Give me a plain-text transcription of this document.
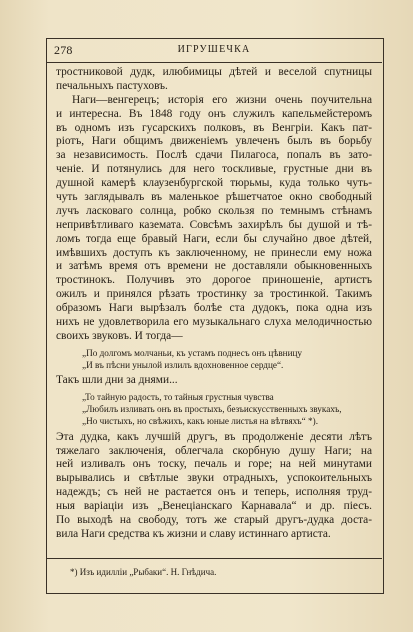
278	ИГРУШЕЧКА
тростниковой дудк, илюбимицы дѣтей и веселой спутницы
печальныхъ пастуховъ.
Наги—венгерецъ; исторія его жизни очень поучительна
и интересна. Въ 1848 году онъ служилъ капельмейстеромъ
въ одномъ изъ гусарскихъ полковъ, въ Венгріи. Какъ пат-
ріотъ, Наги общимъ движеніемъ увлеченъ былъ въ борьбу
за независимость. Послѣ сдачи Пилагоса, попалъ въ зато-
ченіе. И потянулись для него тоскливые, грустные дни въ
душной камерѣ клаузенбургской тюрьмы, куда только чуть-
чуть заглядывалъ въ маленькое рѣшетчатое окно свободный
лучъ ласковаго солнца, робко скользя по темнымъ стѣнамъ
непривѣтливаго каземата. Совсѣмъ захирѣлъ бы душой и тѣ-
ломъ тогда еще бравый Наги, если бы случайно двое дѣтей,
имѣвшихъ доступъ къ заключенному, не принесли ему ножа
и затѣмъ время отъ времени не доставляли обыкновенныхъ
тростинокъ. Получивъ это дорогое приношеніе, артистъ
ожилъ и принялся рѣзать тростинку за тростинкой. Такимъ
образомъ Наги вырѣзалъ болѣе ста дудокъ, пока одна изъ
нихъ не удовлетворила его музыкальнаго слуха мелодичностью
своихъ звуковъ. И тогда—
„По долгомъ молчаньи, къ устамъ поднесъ онъ цѣвницу
„И въ пѣсни унылой излилъ вдохновенное сердце“.
Такъ шли дни за днями...
„То тайную радость, то тайныя грустныя чувства
„Любилъ изливать онъ въ простыхъ, безъискусственныхъ звукахъ,
„Но чистыхъ, но свѣжихъ, какъ юные листья на вѣтвяхъ“ *).
Эта дудка, какъ лучшій другъ, въ продолженіе десяти лѣтъ
тяжелаго заключенія, облегчала скорбную душу Наги; на
ней изливалъ онъ тоску, печаль и горе; на ней минутами
вырывались и свѣтлые звуки отрадныхъ, успокоительныхъ
надеждъ; съ ней не растается онъ и теперь, исполняя труд-
ныя варіаціи изъ „Венеціанскаго Карнавала“ и др. піесъ.
По выходѣ на свободу, тотъ же старый другъ-дудка достa-
вила Наги средства къ жизни и славу истиннаго артиста.
*) Изъ идилліи „Рыбаки“. Н. Гнѣдича.
